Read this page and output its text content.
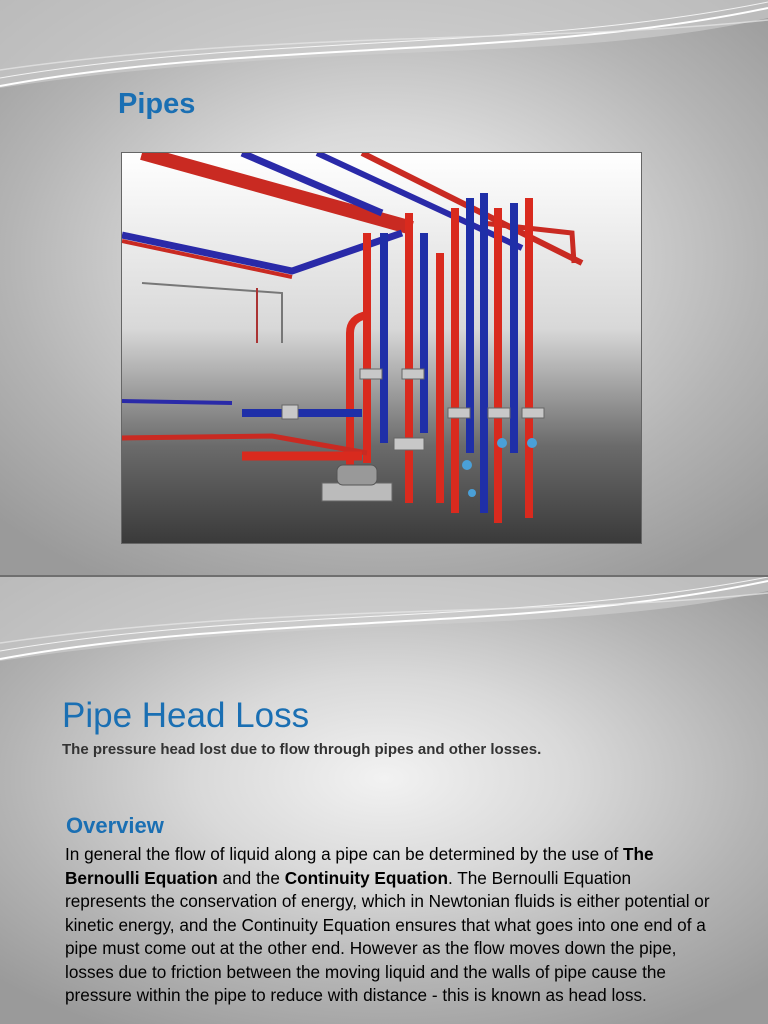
Pipes
Pipe Head Loss
The pressure head lost due to flow through pipes and other losses.
Overview
In general the flow of liquid along a pipe can be determined by the use of The Bernoulli Equation and the Continuity Equation. The Bernoulli Equation represents the conservation of energy, which in Newtonian fluids is either potential or kinetic energy, and the Continuity Equation ensures that what goes into one end of a pipe must come out at the other end. However as the flow moves down the pipe, losses due to friction between the moving liquid and the walls of pipe cause the pressure within the pipe to reduce with distance - this is known as head loss.
